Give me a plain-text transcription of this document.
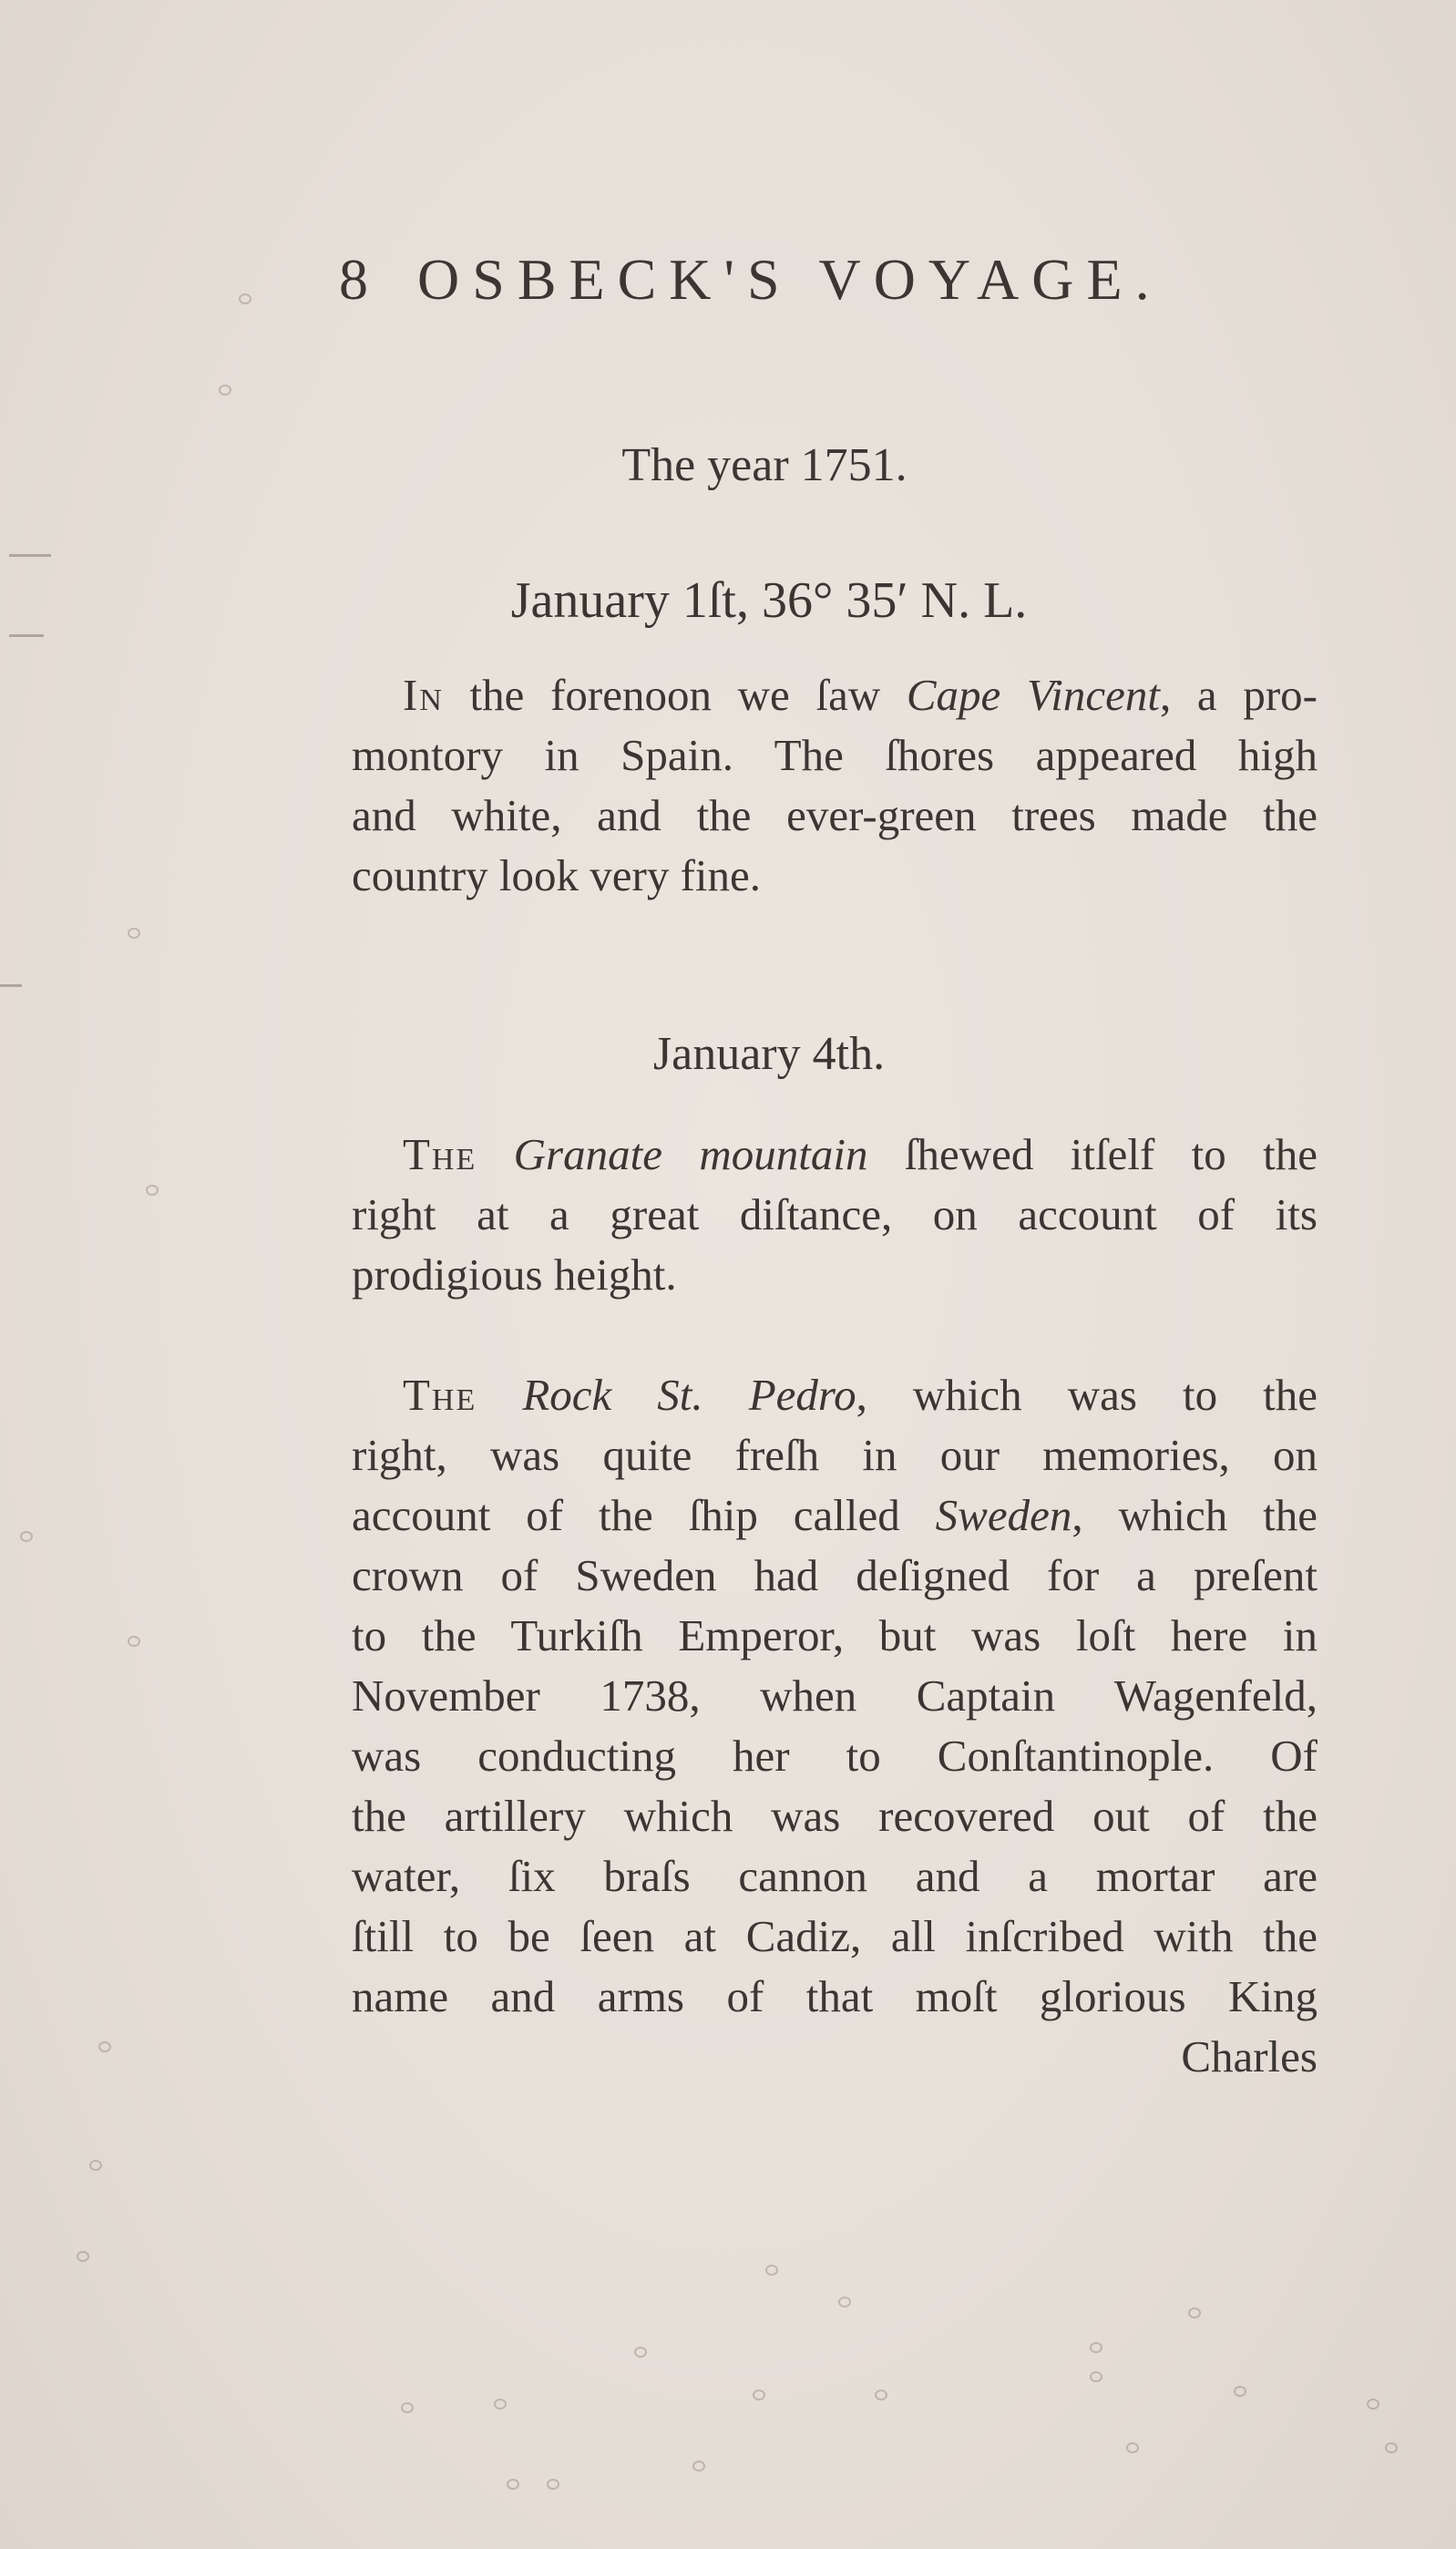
8 OSBECK'S VOYAGE.
The year 1751.
January 1ſt, 36° 35′ N. L.
In the forenoon we ſaw Cape Vincent, a pro-
montory in Spain. The ſhores appeared high
and white, and the ever-green trees made the
country look very fine.
January 4th.
The Granate mountain ſhewed itſelf to the
right at a great diſtance, on account of its
prodigious height.
The Rock St. Pedro, which was to the
right, was quite freſh in our memories, on
account of the ſhip called Sweden, which the
crown of Sweden had deſigned for a preſent
to the Turkiſh Emperor, but was loſt here in
November 1738, when Captain Wagenfeld,
was conducting her to Conſtantinople. Of
the artillery which was recovered out of the
water, ſix braſs cannon and a mortar are
ſtill to be ſeen at Cadiz, all inſcribed with the
name and arms of that moſt glorious King
Charles
